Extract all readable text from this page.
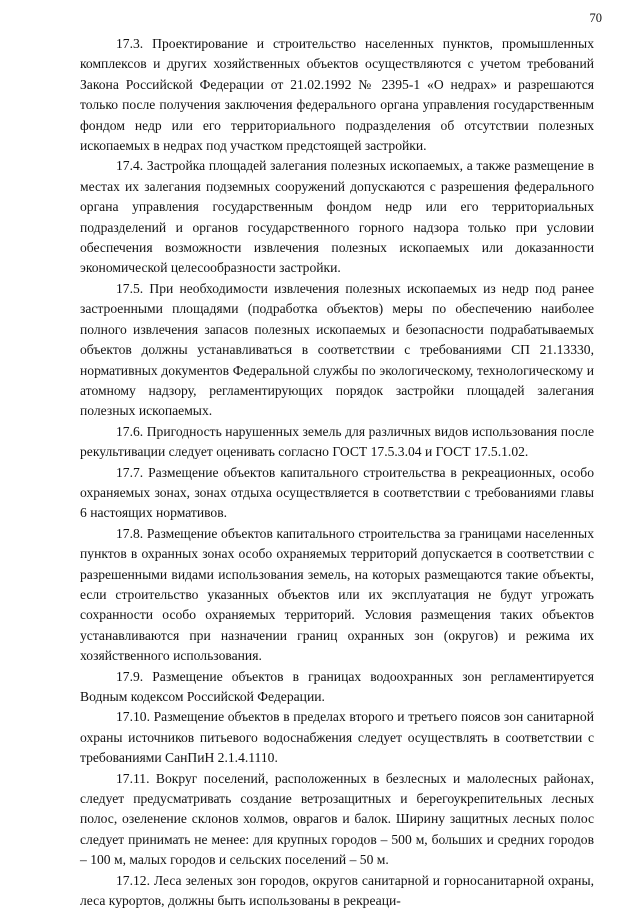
70

17.3. Проектирование и строительство населенных пунктов, промышленных комплексов и других хозяйственных объектов осуществляются с учетом требований Закона Российской Федерации от 21.02.1992 № 2395-1 «О недрах» и разрешаются только после получения заключения федерального органа управления государственным фондом недр или его территориального подразделения об отсутствии полезных ископаемых в недрах под участком предстоящей застройки.

17.4. Застройка площадей залегания полезных ископаемых, а также размещение в местах их залегания подземных сооружений допускаются с разрешения федерального органа управления государственным фондом недр или его территориальных подразделений и органов государственного горного надзора только при условии обеспечения возможности извлечения полезных ископаемых или доказанности экономической целесообразности застройки.

17.5. При необходимости извлечения полезных ископаемых из недр под ранее застроенными площадями (подработка объектов) меры по обеспечению наиболее полного извлечения запасов полезных ископаемых и безопасности подрабатываемых объектов должны устанавливаться в соответствии с требованиями СП 21.13330, нормативных документов Федеральной службы по экологическому, технологическому и атомному надзору, регламентирующих порядок застройки площадей залегания полезных ископаемых.

17.6. Пригодность нарушенных земель для различных видов использования после рекультивации следует оценивать согласно ГОСТ 17.5.3.04 и ГОСТ 17.5.1.02.

17.7. Размещение объектов капитального строительства в рекреационных, особо охраняемых зонах, зонах отдыха осуществляется в соответствии с требованиями главы 6 настоящих нормативов.

17.8. Размещение объектов капитального строительства за границами населенных пунктов в охранных зонах особо охраняемых территорий допускается в соответствии с разрешенными видами использования земель, на которых размещаются такие объекты, если строительство указанных объектов или их эксплуатация не будут угрожать сохранности особо охраняемых территорий. Условия размещения таких объектов устанавливаются при назначении границ охранных зон (округов) и режима их хозяйственного использования.

17.9. Размещение объектов в границах водоохранных зон регламентируется Водным кодексом Российской Федерации.

17.10. Размещение объектов в пределах второго и третьего поясов зон санитарной охраны источников питьевого водоснабжения следует осуществлять в соответствии с требованиями СанПиН 2.1.4.1110.

17.11. Вокруг поселений, расположенных в безлесных и малолесных районах, следует предусматривать создание ветрозащитных и берегоукрепительных лесных полос, озеленение склонов холмов, оврагов и балок. Ширину защитных лесных полос следует принимать не менее: для крупных городов – 500 м, больших и средних городов – 100 м, малых городов и сельских поселений – 50 м.

17.12. Леса зеленых зон городов, округов санитарной и горносанитарной охраны, леса курортов, должны быть использованы в рекреаци-
